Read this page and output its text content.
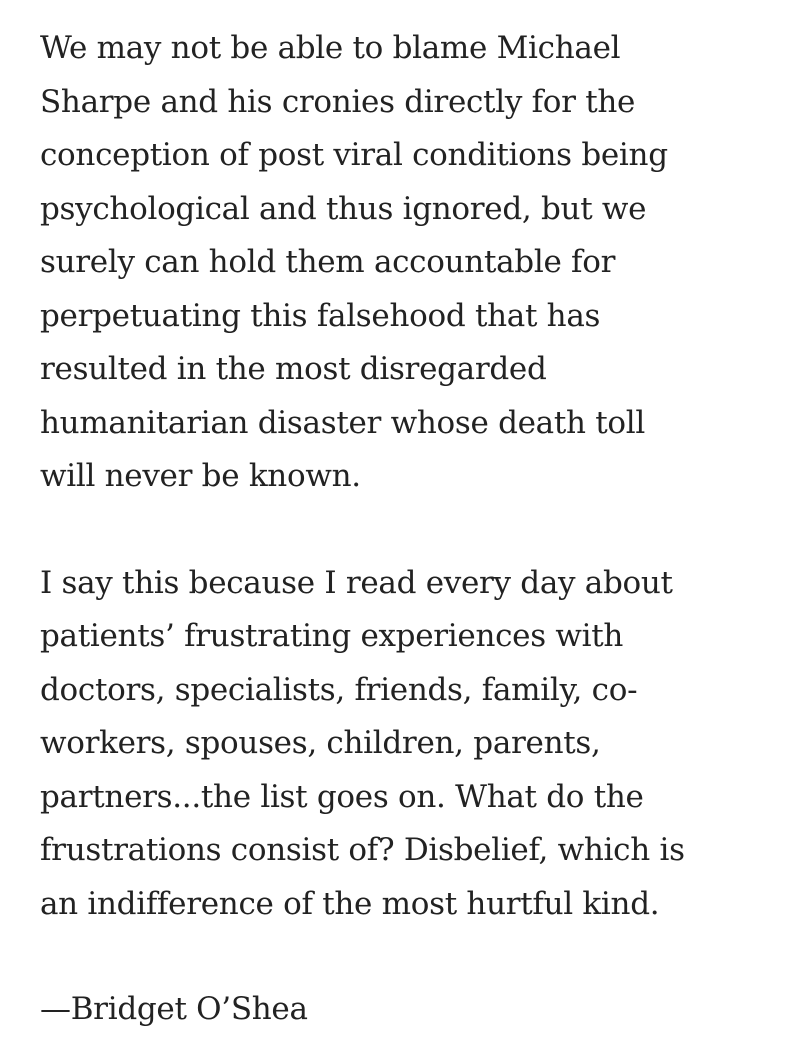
We may not be able to blame Michael
Sharpe and his cronies directly for the
conception of post viral conditions being
psychological and thus ignored, but we
surely can hold them accountable for
perpetuating this falsehood that has
resulted in the most disregarded
humanitarian disaster whose death toll
will never be known.

I say this because I read every day about
patients’ frustrating experiences with
doctors, specialists, friends, family, co-
workers, spouses, children, parents,
partners...the list goes on. What do the
frustrations consist of? Disbelief, which is
an indifference of the most hurtful kind.

—Bridget O’Shea
